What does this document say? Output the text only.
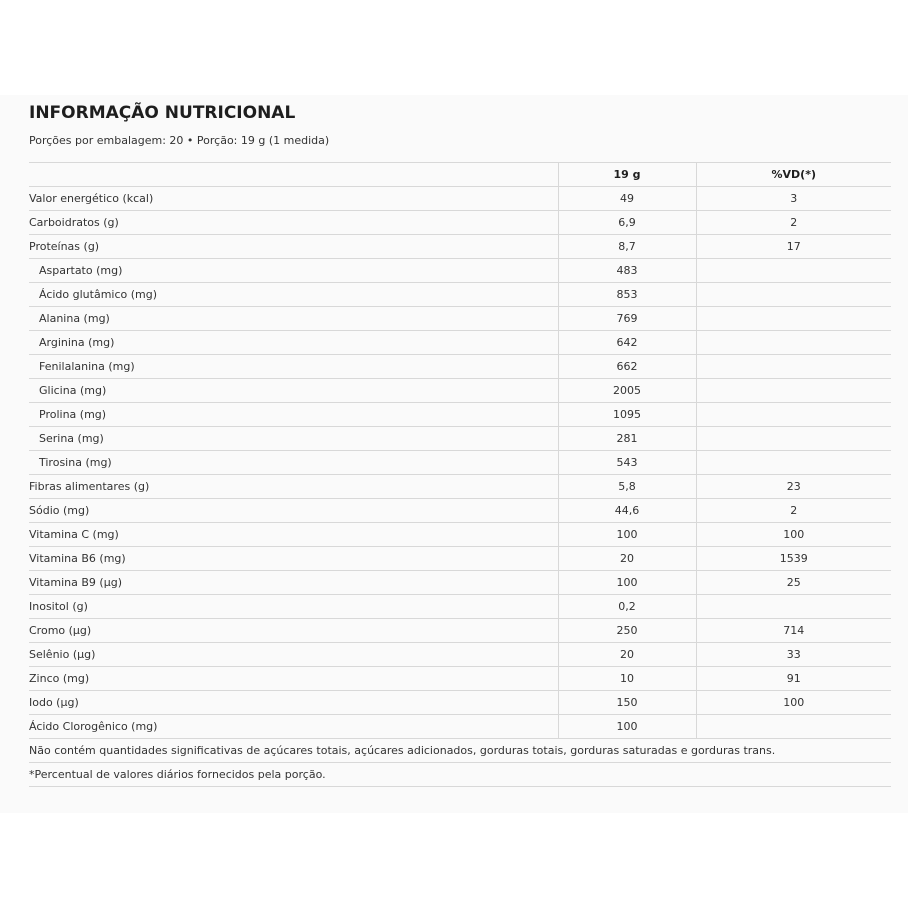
INFORMAÇÃO NUTRICIONAL

Porções por embalagem: 20 • Porção: 19 g (1 medida)

	19 g	%VD(*)
Valor energético (kcal)	49	3
Carboidratos (g)	6,9	2
Proteínas (g)	8,7	17
Aspartato (mg)	483	
Ácido glutâmico (mg)	853	
Alanina (mg)	769	
Arginina (mg)	642	
Fenilalanina (mg)	662	
Glicina (mg)	2005	
Prolina (mg)	1095	
Serina (mg)	281	
Tirosina (mg)	543	
Fibras alimentares (g)	5,8	23
Sódio (mg)	44,6	2
Vitamina C (mg)	100	100
Vitamina B6 (mg)	20	1539
Vitamina B9 (µg)	100	25
Inositol (g)	0,2	
Cromo (µg)	250	714
Selênio (µg)	20	33
Zinco (mg)	10	91
Iodo (µg)	150	100
Ácido Clorogênico (mg)	100	
Não contém quantidades significativas de açúcares totais, açúcares adicionados, gorduras totais, gorduras saturadas e gorduras trans.		
*Percentual de valores diários fornecidos pela porção.		
